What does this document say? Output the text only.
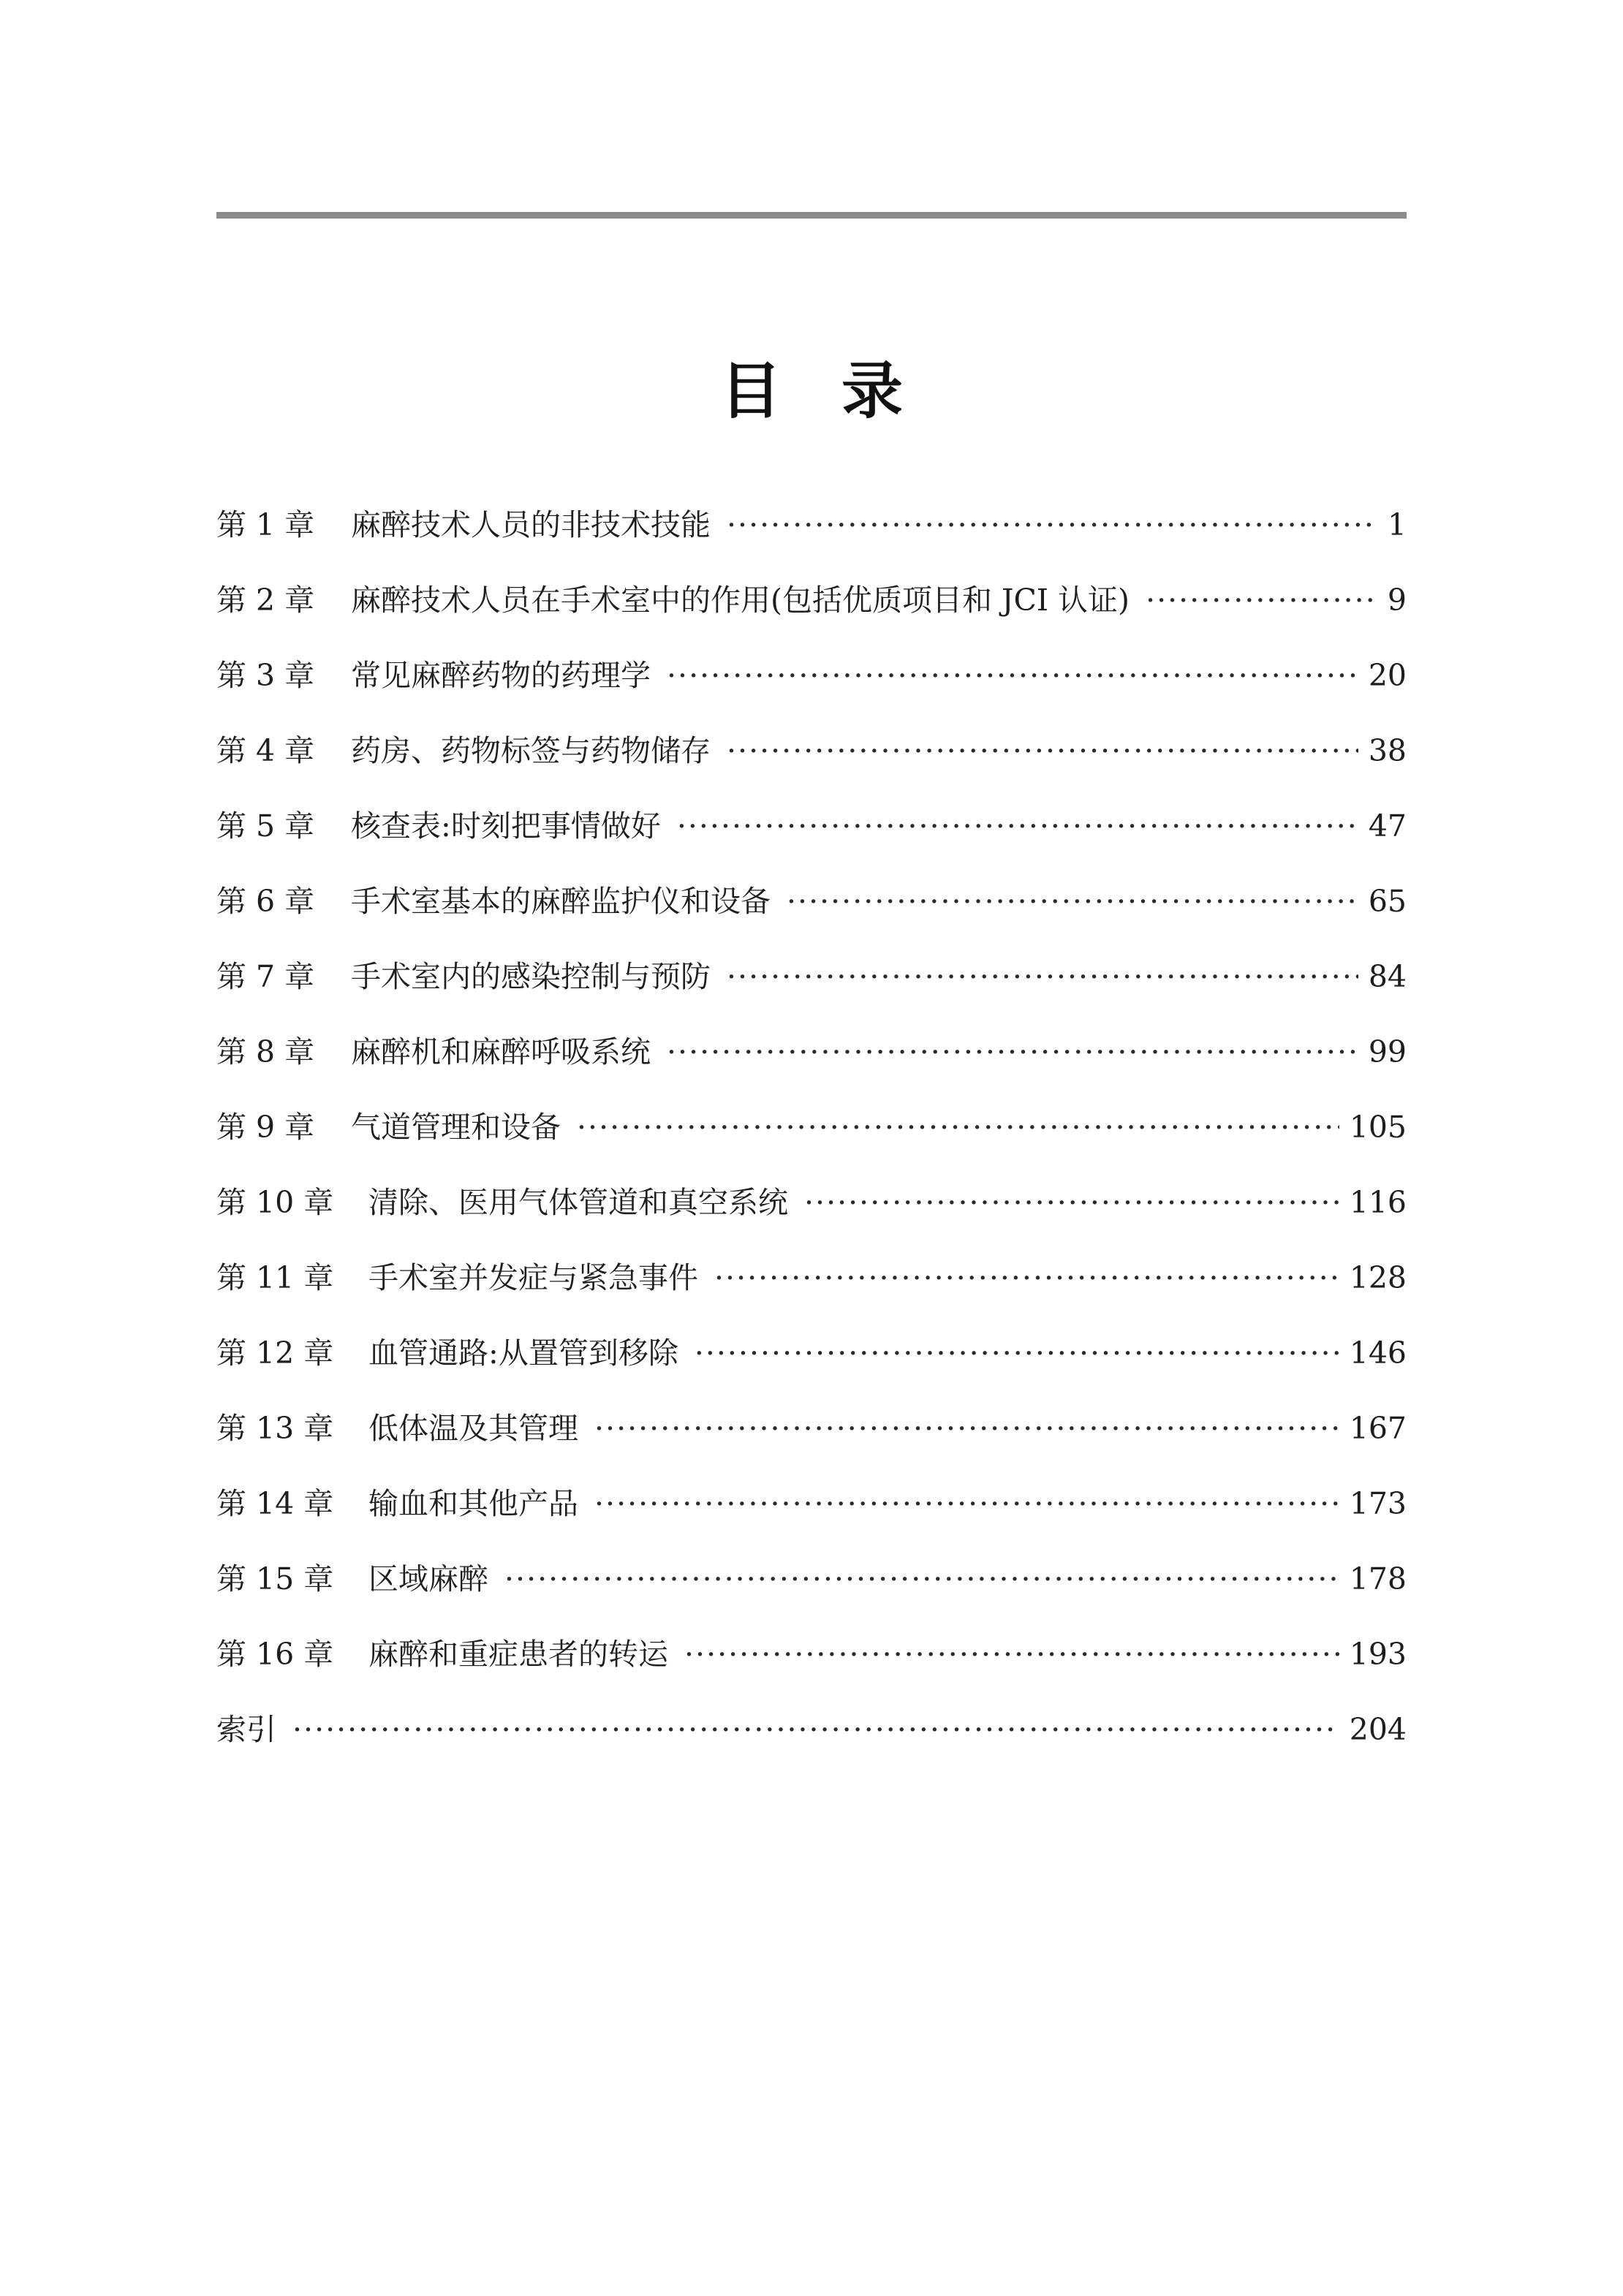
目 录
第 1 章	麻醉技术人员的非技术技能 ·····	1
第 2 章	麻醉技术人员在手术室中的作用(包括优质项目和 JCI 认证) ·····	9
第 3 章	常见麻醉药物的药理学 ·····	20
第 4 章	药房、药物标签与药物储存 ·····	38
第 5 章	核查表:时刻把事情做好 ·····	47
第 6 章	手术室基本的麻醉监护仪和设备 ·····	65
第 7 章	手术室内的感染控制与预防 ·····	84
第 8 章	麻醉机和麻醉呼吸系统 ·····	99
第 9 章	气道管理和设备 ·····	105
第 10 章	清除、医用气体管道和真空系统 ·····	116
第 11 章	手术室并发症与紧急事件 ·····	128
第 12 章	血管通路:从置管到移除 ·····	146
第 13 章	低体温及其管理 ·····	167
第 14 章	输血和其他产品 ·····	173
第 15 章	区域麻醉 ·····	178
第 16 章	麻醉和重症患者的转运 ·····	193
索引 ·····	204
